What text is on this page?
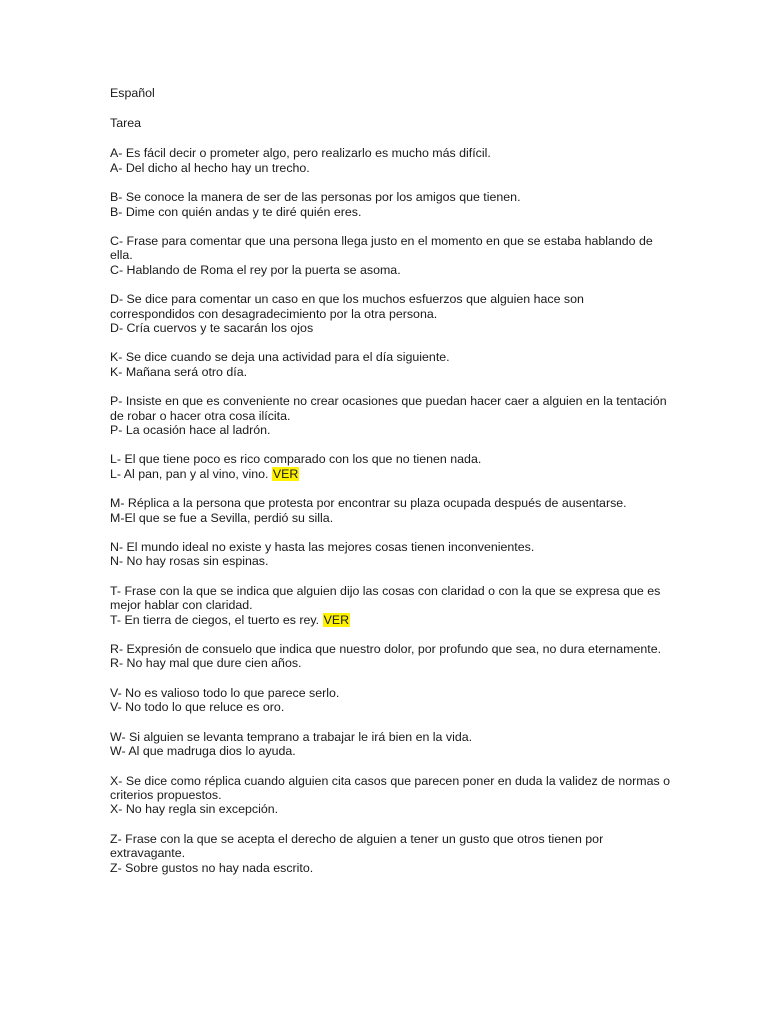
Español
Tarea
A- Es fácil decir o prometer algo, pero realizarlo es mucho más difícil.
A- Del dicho al hecho hay un trecho.
B- Se conoce la manera de ser de las personas por los amigos que tienen.
B- Dime con quién andas y te diré quién eres.
C- Frase para comentar que una persona llega justo en el momento en que se estaba hablando de ella.
C- Hablando de Roma el rey por la puerta se asoma.
D- Se dice para comentar un caso en que los muchos esfuerzos que alguien hace son correspondidos con desagradecimiento por la otra persona.
D- Cría cuervos y te sacarán los ojos
K- Se dice cuando se deja una actividad para el día siguiente.
K- Mañana será otro día.
P- Insiste en que es conveniente no crear ocasiones que puedan hacer caer a alguien en la tentación de robar o hacer otra cosa ilícita.
P- La ocasión hace al ladrón.
L- El que tiene poco es rico comparado con los que no tienen nada.
L- Al pan, pan y al vino, vino. VER
M- Réplica a la persona que protesta por encontrar su plaza ocupada después de ausentarse.
M-El que se fue a Sevilla, perdió su silla.
N- El mundo ideal no existe y hasta las mejores cosas tienen inconvenientes.
N- No hay rosas sin espinas.
T- Frase con la que se indica que alguien dijo las cosas con claridad o con la que se expresa que es mejor hablar con claridad.
T- En tierra de ciegos, el tuerto es rey. VER
R- Expresión de consuelo que indica que nuestro dolor, por profundo que sea, no dura eternamente.
R- No hay mal que dure cien años.
V- No es valioso todo lo que parece serlo.
V- No todo lo que reluce es oro.
W- Si alguien se levanta temprano a trabajar le irá bien en la vida.
W- Al que madruga dios lo ayuda.
X- Se dice como réplica cuando alguien cita casos que parecen poner en duda la validez de normas o criterios propuestos.
X- No hay regla sin excepción.
Z- Frase con la que se acepta el derecho de alguien a tener un gusto que otros tienen por extravagante.
Z- Sobre gustos no hay nada escrito.
